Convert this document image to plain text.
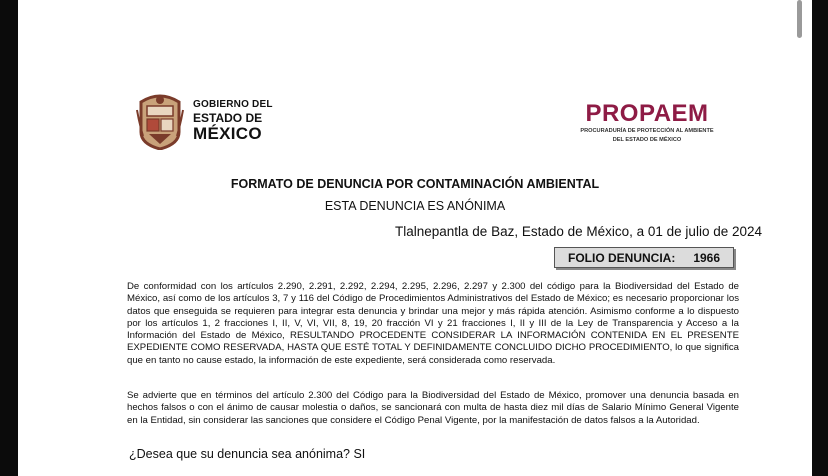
GOBIERNO DEL
ESTADO DE
MÉXICO
PROPAEM
PROCURADURÍA DE PROTECCIÓN AL AMBIENTE
DEL ESTADO DE MÉXICO
FORMATO DE DENUNCIA POR CONTAMINACIÓN AMBIENTAL
ESTA DENUNCIA ES ANÓNIMA
Tlalnepantla de Baz, Estado de México, a 01 de julio de 2024
FOLIO DENUNCIA: 1966

De conformidad con los artículos 2.290, 2.291, 2.292, 2.294, 2.295, 2.296, 2.297 y 2.300 del código para la Biodiversidad del Estado de México, así como de los artículos 3, 7 y 116 del Código de Procedimientos Administrativos del Estado de México; es necesario proporcionar los datos que enseguida se requieren para integrar esta denuncia y brindar una mejor y más rápida atención. Asimismo conforme a lo dispuesto por los artículos 1, 2 fracciones I, II, V, VI, VII, 8, 19, 20 fracción VI y 21 fracciones I, II y III de la Ley de Transparencia y Acceso a la Información del Estado de México, RESULTANDO PROCEDENTE CONSIDERAR LA INFORMACIÓN CONTENIDA EN EL PRESENTE EXPEDIENTE COMO RESERVADA, HASTA QUE ESTÉ TOTAL Y DEFINIDAMENTE CONCLUIDO DICHO PROCEDIMIENTO, lo que significa que en tanto no cause estado, la información de este expediente, será considerada como reservada.

Se advierte que en términos del artículo 2.300 del Código para la Biodiversidad del Estado de México, promover una denuncia basada en hechos falsos o con el ánimo de causar molestia o daños, se sancionará con multa de hasta diez mil días de Salario Mínimo General Vigente en la Entidad, sin considerar las sanciones que considere el Código Penal Vigente, por la manifestación de datos falsos a la Autoridad.

¿Desea que su denuncia sea anónima? SI
